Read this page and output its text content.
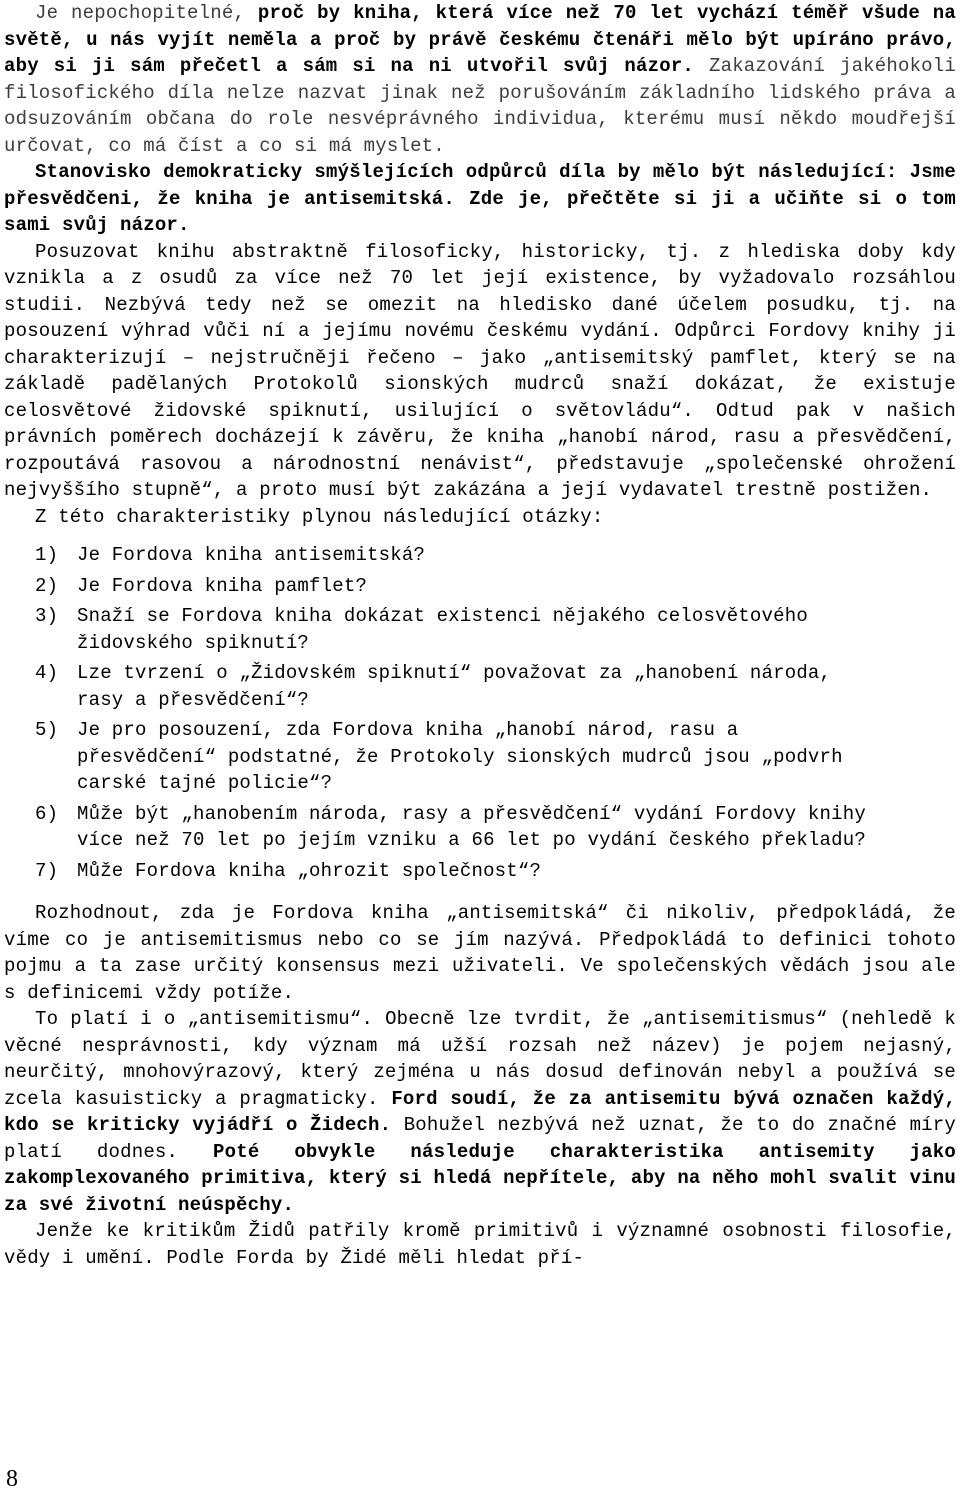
Je nepochopitelné, proč by kniha, která více než 70 let vychází téměř všude na světě, u nás vyjít neměla a proč by právě českému čtenáři mělo být upíráno právo, aby si ji sám přečetl a sám si na ni utvořil svůj názor. Zakazování jakéhokoli filosofického díla nelze nazvat jinak než porušováním základního lidského práva a odsuzováním občana do role nesvéprávného individua, kterému musí někdo moudřejší určovat, co má číst a co si má myslet.

Stanovisko demokraticky smýšlejících odpůrců díla by mělo být následující: Jsme přesvědčeni, že kniha je antisemitská. Zde je, přečtěte si ji a učiňte si o tom sami svůj názor.

Posuzovat knihu abstraktně filosoficky, historicky, tj. z hlediska doby kdy vznikla a z osudů za více než 70 let její existence, by vyžadovalo rozsáhlou studii. Nezbývá tedy než se omezit na hledisko dané účelem posudku, tj. na posouzení výhrad vůči ní a jejímu novému českému vydání. Odpůrci Fordovy knihy ji charakterizují – nejstručněji řečeno – jako „antisemitský pamflet, který se na základě padělaných Protokolů sionských mudrců snaží dokázat, že existuje celosvětové židovské spiknutí, usilující o světovládu“. Odtud pak v našich právních poměrech docházejí k závěru, že kniha „hanobí národ, rasu a přesvědčení, rozpoutává rasovou a národnostní nenávist“, představuje „společenské ohrožení nejvyššího stupně“, a proto musí být zakázána a její vydavatel trestně postižen.

Z této charakteristiky plynou následující otázky:

1) Je Fordova kniha antisemitská?
2) Je Fordova kniha pamflet?
3) Snaží se Fordova kniha dokázat existenci nějakého celosvětového židovského spiknutí?
4) Lze tvrzení o „Židovském spiknutí“ považovat za „hanobení národa, rasy a přesvědčení“?
5) Je pro posouzení, zda Fordova kniha „hanobí národ, rasu a přesvědčení“ podstatné, že Protokoly sionských mudrců jsou „podvrh carské tajné policie“?
6) Může být „hanobením národa, rasy a přesvědčení“ vydání Fordovy knihy více než 70 let po jejím vzniku a 66 let po vydání českého překladu?
7) Může Fordova kniha „ohrozit společnost“?

Rozhodnout, zda je Fordova kniha „antisemitská“ či nikoliv, předpokládá, že víme co je antisemitismus nebo co se jím nazývá. Předpokládá to definici tohoto pojmu a ta zase určitý konsensus mezi uživateli. Ve společenských vědách jsou ale s definicemi vždy potíže.

To platí i o „antisemitismu“. Obecně lze tvrdit, že „antisemitismus“ (nehledě k věcné nesprávnosti, kdy význam má užší rozsah než název) je pojem nejasný, neurčitý, mnohovýrazový, který zejména u nás dosud definován nebyl a používá se zcela kasuisticky a pragmaticky. Ford soudí, že za antisemitu bývá označen každý, kdo se kriticky vyjádří o Židech. Bohužel nezbývá než uznat, že to do značné míry platí dodnes. Poté obvykle následuje charakteristika antisemity jako zakomplexovaného primitiva, který si hledá nepřítele, aby na něho mohl svalit vinu za své životní neúspěchy.

Jenže ke kritikům Židů patřily kromě primitivů i významné osobnosti filosofie, vědy i umění. Podle Forda by Židé měli hledat pří-

8
